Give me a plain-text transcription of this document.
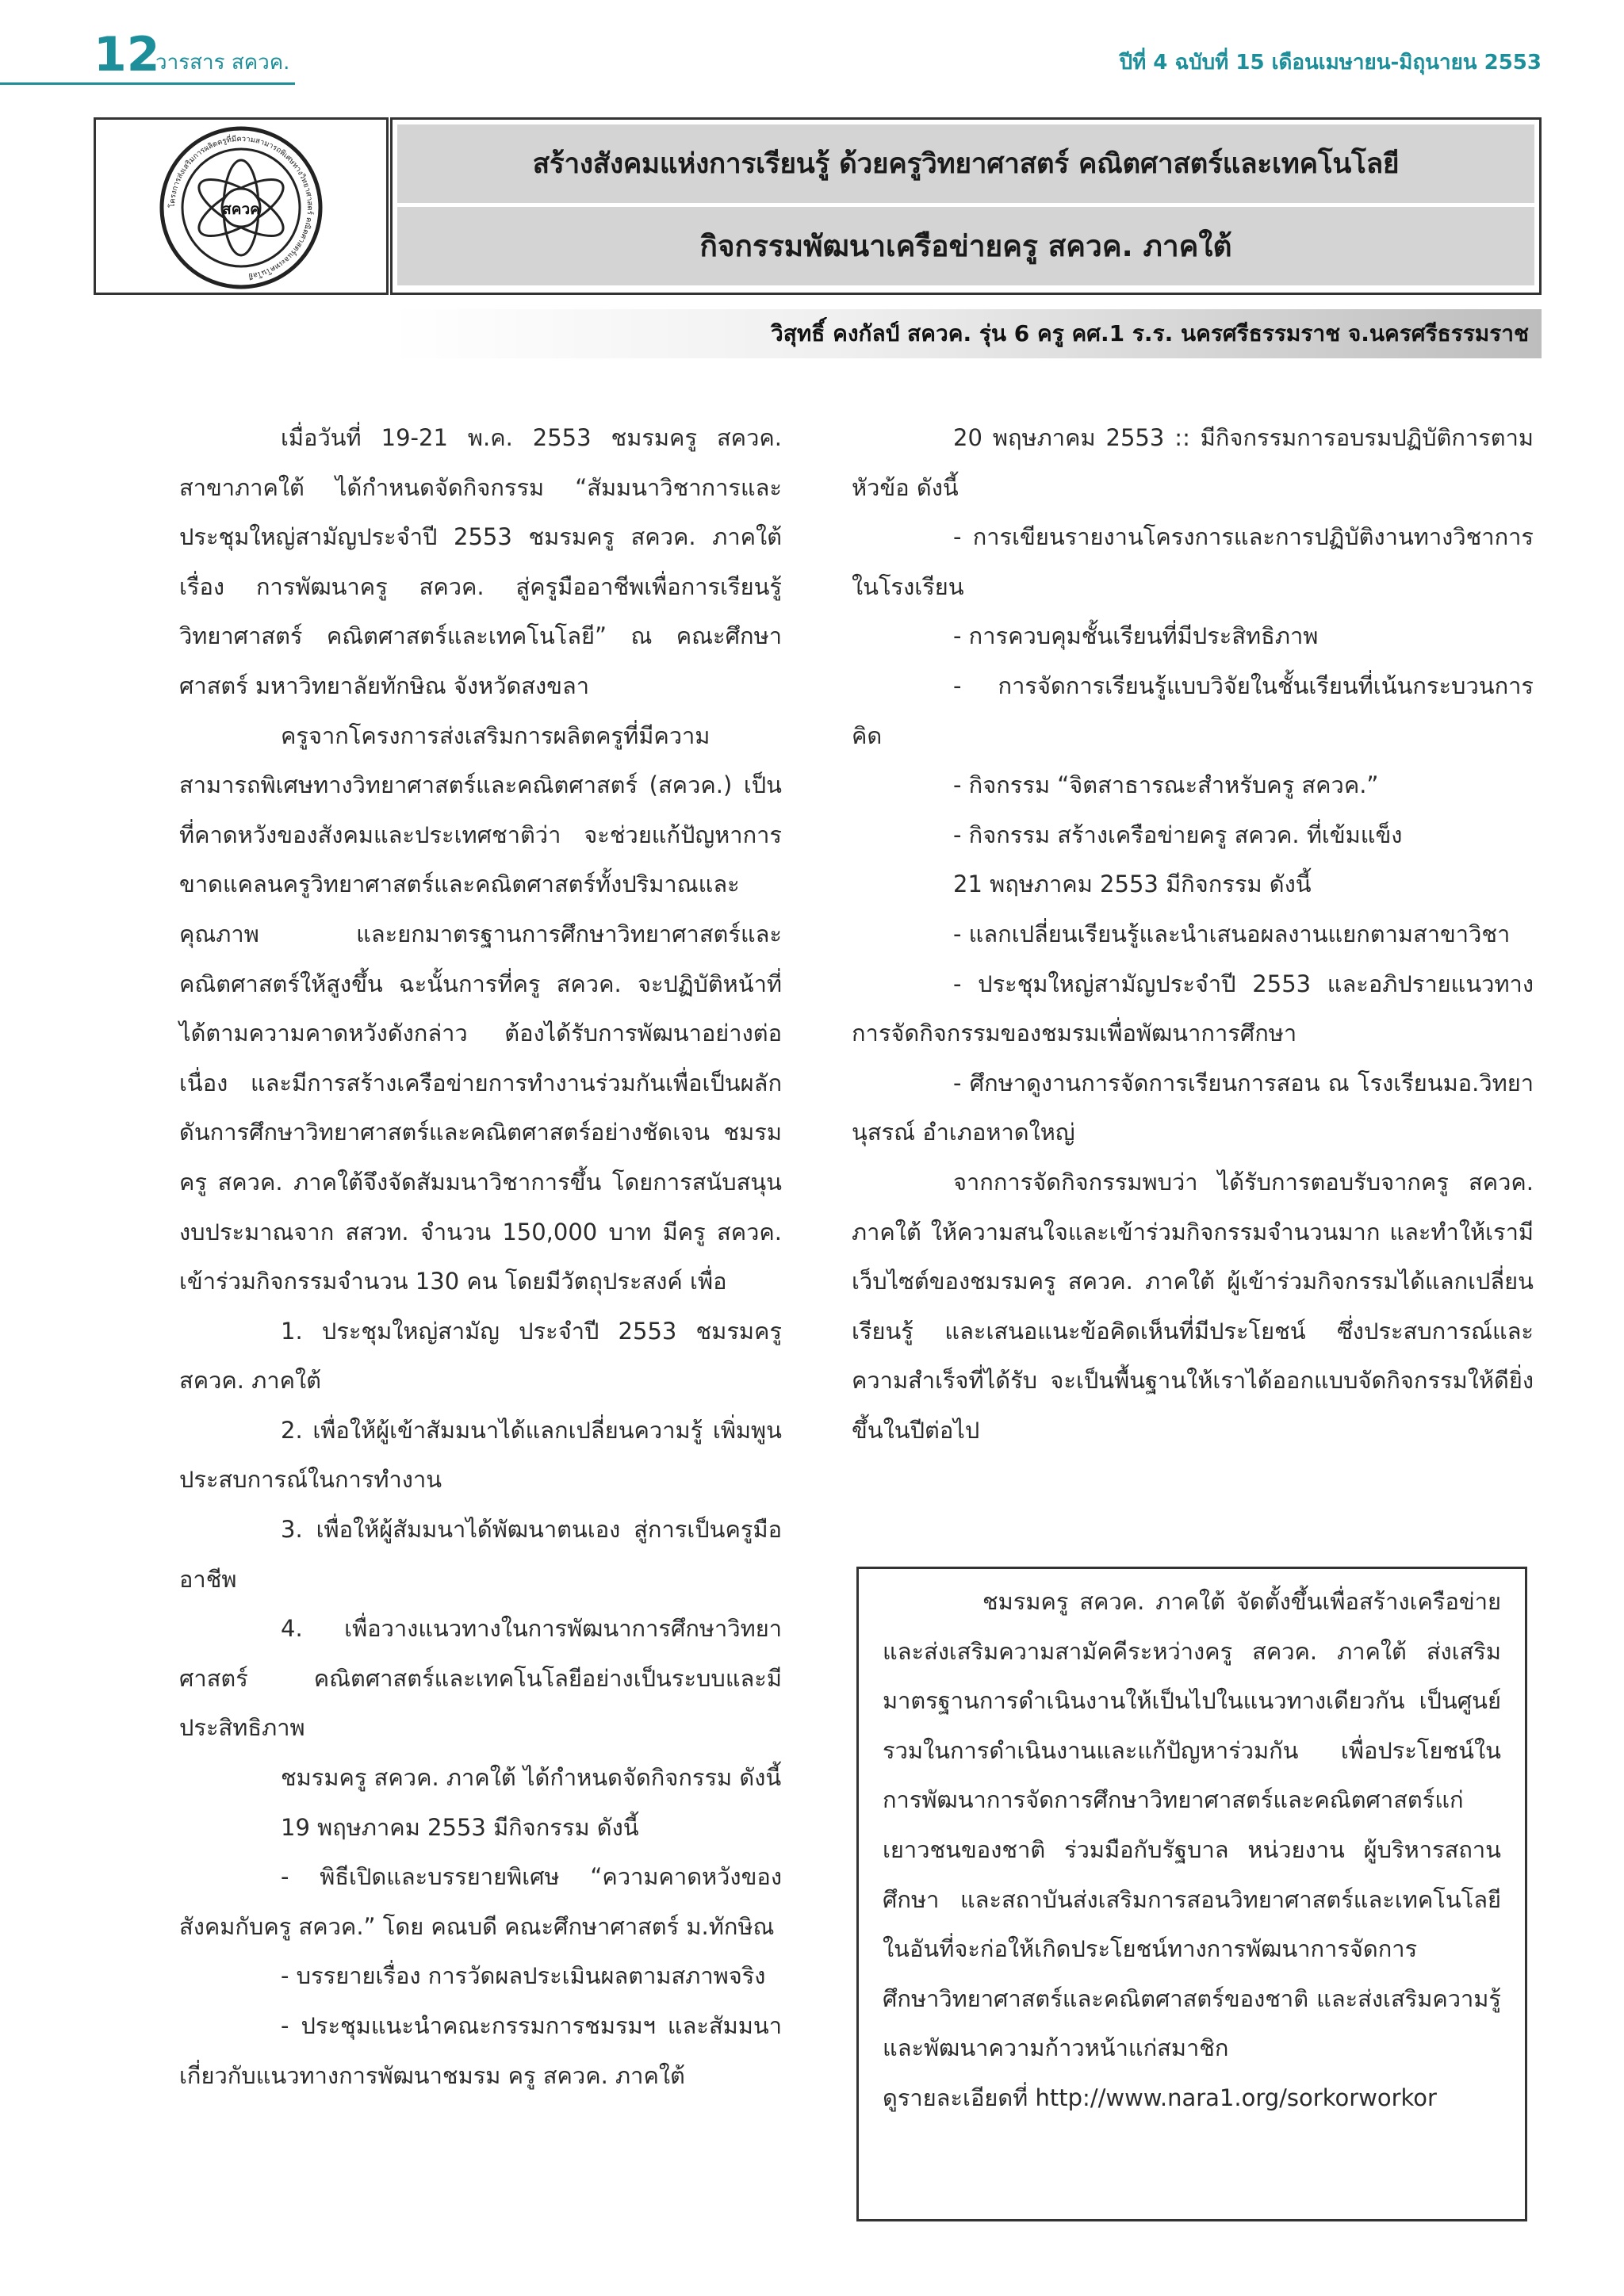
12
วารสาร สควค.	ปีที่ 4 ฉบับที่ 15 เดือนเมษายน-มิถุนายน 2553
โครงการส่งเสริมการผลิตครูที่มีความสามารถพิเศษทางวิทยาศาสตร์ คณิตศาสตร์และเทคโนโลยี
สควค
สร้างสังคมแห่งการเรียนรู้ ด้วยครูวิทยาศาสตร์ คณิตศาสตร์และเทคโนโลยี
กิจกรรมพัฒนาเครือข่ายครู สควค. ภาคใต้
วิสุทธิ์ คงกัลป์ สควค. รุ่น 6 ครู คศ.1 ร.ร. นครศรีธรรมราช จ.นครศรีธรรมราช

เมื่อวันที่ 19-21 พ.ค. 2553 ชมรมครู สควค. สาขาภาคใต้ ได้กำหนดจัดกิจกรรม “สัมมนาวิชาการและประชุมใหญ่สามัญประจำปี 2553 ชมรมครู สควค. ภาคใต้ เรื่อง การพัฒนาครู สควค. สู่ครูมืออาชีพเพื่อการเรียนรู้วิทยาศาสตร์ คณิตศาสตร์และเทคโนโลยี” ณ คณะศึกษาศาสตร์ มหาวิทยาลัยทักษิณ จังหวัดสงขลา

ครูจากโครงการส่งเสริมการผลิตครูที่มีความสามารถพิเศษทางวิทยาศาสตร์และคณิตศาสตร์ (สควค.) เป็นที่คาดหวังของสังคมและประเทศชาติว่า จะช่วยแก้ปัญหาการขาดแคลนครูวิทยาศาสตร์และคณิตศาสตร์ทั้งปริมาณและคุณภาพ และยกมาตรฐานการศึกษาวิทยาศาสตร์และคณิตศาสตร์ให้สูงขึ้น ฉะนั้นการที่ครู สควค. จะปฏิบัติหน้าที่ได้ตามความคาดหวังดังกล่าว ต้องได้รับการพัฒนาอย่างต่อเนื่อง และมีการสร้างเครือข่ายการทำงานร่วมกันเพื่อเป็นผลักดันการศึกษาวิทยาศาสตร์และคณิตศาสตร์อย่างชัดเจน ชมรมครู สควค. ภาคใต้จึงจัดสัมมนาวิชาการขึ้น โดยการสนับสนุนงบประมาณจาก สสวท. จำนวน 150,000 บาท มีครู สควค. เข้าร่วมกิจกรรมจำนวน 130 คน โดยมีวัตถุประสงค์ เพื่อ

1. ประชุมใหญ่สามัญ ประจำปี 2553 ชมรมครู สควค. ภาคใต้

2. เพื่อให้ผู้เข้าสัมมนาได้แลกเปลี่ยนความรู้ เพิ่มพูนประสบการณ์ในการทำงาน

3. เพื่อให้ผู้สัมมนาได้พัฒนาตนเอง สู่การเป็นครูมืออาชีพ

4. เพื่อวางแนวทางในการพัฒนาการศึกษาวิทยาศาสตร์ คณิตศาสตร์และเทคโนโลยีอย่างเป็นระบบและมีประสิทธิภาพ

ชมรมครู สควค. ภาคใต้ ได้กำหนดจัดกิจกรรม ดังนี้

19 พฤษภาคม 2553 มีกิจกรรม ดังนี้

- พิธีเปิดและบรรยายพิเศษ “ความคาดหวังของสังคมกับครู สควค.” โดย คณบดี คณะศึกษาศาสตร์ ม.ทักษิณ

- บรรยายเรื่อง การวัดผลประเมินผลตามสภาพจริง

- ประชุมแนะนำคณะกรรมการชมรมฯ และสัมมนาเกี่ยวกับแนวทางการพัฒนาชมรม ครู สควค. ภาคใต้

20 พฤษภาคม 2553 :: มีกิจกรรมการอบรมปฏิบัติการตามหัวข้อ ดังนี้

- การเขียนรายงานโครงการและการปฏิบัติงานทางวิชาการในโรงเรียน

- การควบคุมชั้นเรียนที่มีประสิทธิภาพ

- การจัดการเรียนรู้แบบวิจัยในชั้นเรียนที่เน้นกระบวนการคิด

- กิจกรรม “จิตสาธารณะสำหรับครู สควค.”

- กิจกรรม สร้างเครือข่ายครู สควค. ที่เข้มแข็ง

21 พฤษภาคม 2553 มีกิจกรรม ดังนี้

- แลกเปลี่ยนเรียนรู้และนำเสนอผลงานแยกตามสาขาวิชา

- ประชุมใหญ่สามัญประจำปี 2553 และอภิปรายแนวทางการจัดกิจกรรมของชมรมเพื่อพัฒนาการศึกษา

- ศึกษาดูงานการจัดการเรียนการสอน ณ โรงเรียนมอ.วิทยานุสรณ์ อำเภอหาดใหญ่

จากการจัดกิจกรรมพบว่า ได้รับการตอบรับจากครู สควค. ภาคใต้ ให้ความสนใจและเข้าร่วมกิจกรรมจำนวนมาก และทำให้เรามีเว็บไซต์ของชมรมครู สควค. ภาคใต้ ผู้เข้าร่วมกิจกรรมได้แลกเปลี่ยนเรียนรู้ และเสนอแนะข้อคิดเห็นที่มีประโยชน์ ซึ่งประสบการณ์และความสำเร็จที่ได้รับ จะเป็นพื้นฐานให้เราได้ออกแบบจัดกิจกรรมให้ดียิ่งขึ้นในปีต่อไป

ชมรมครู สควค. ภาคใต้ จัดตั้งขึ้นเพื่อสร้างเครือข่ายและส่งเสริมความสามัคคีระหว่างครู สควค. ภาคใต้ ส่งเสริมมาตรฐานการดำเนินงานให้เป็นไปในแนวทางเดียวกัน เป็นศูนย์รวมในการดำเนินงานและแก้ปัญหาร่วมกัน เพื่อประโยชน์ในการพัฒนาการจัดการศึกษาวิทยาศาสตร์และคณิตศาสตร์แก่เยาวชนของชาติ ร่วมมือกับรัฐบาล หน่วยงาน ผู้บริหารสถานศึกษา และสถาบันส่งเสริมการสอนวิทยาศาสตร์และเทคโนโลยี ในอันที่จะก่อให้เกิดประโยชน์ทางการพัฒนาการจัดการศึกษาวิทยาศาสตร์และคณิตศาสตร์ของชาติ และส่งเสริมความรู้และพัฒนาความก้าวหน้าแก่สมาชิก

ดูรายละเอียดที่ http://www.nara1.org/sorkorworkor
